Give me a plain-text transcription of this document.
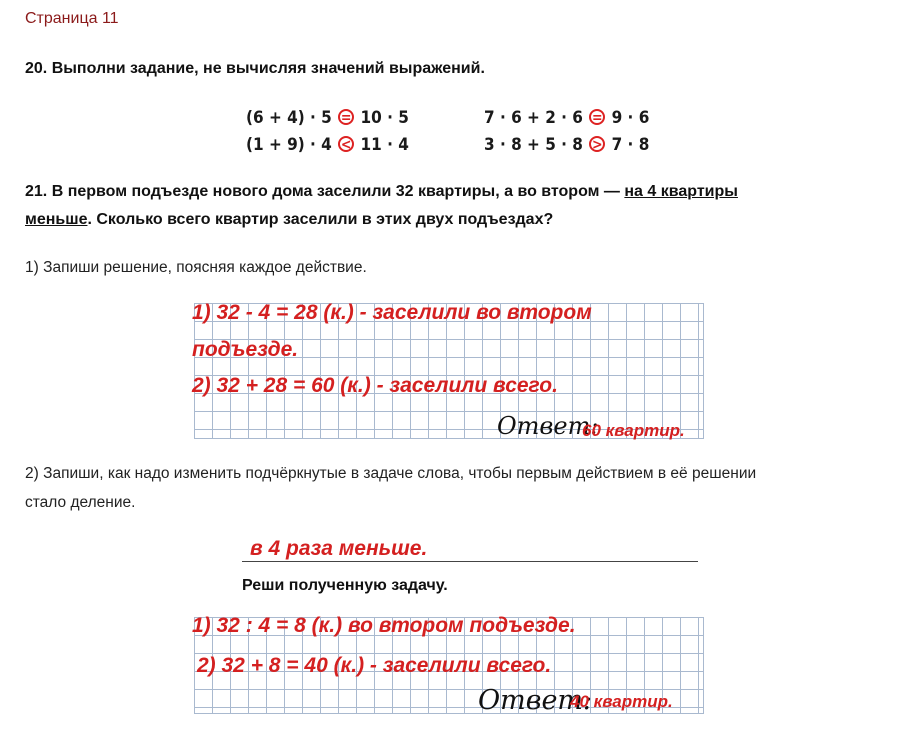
Страница 11
20. Выполни задание, не вычисляя значений выражений.
(6 + 4) · 5 = 10 · 5	7 · 6 + 2 · 6 = 9 · 6
(1 + 9) · 4 < 11 · 4	3 · 8 + 5 · 8 > 7 · 8
21. В первом подъезде нового дома заселили 32 квартиры, а во втором — на 4 квартиры
меньше. Сколько всего квартир заселили в этих двух подъездах?
1) Запиши решение, поясняя каждое действие.
1) 32 - 4 = 28 (к.) - заселили во втором
подъезде.
2) 32 + 28 = 60 (к.) - заселили всего.
Ответ:
60 квартир.
2) Запиши, как надо изменить подчёркнутые в задаче слова, чтобы первым действием в её решении
стало деление.
в 4 раза меньше.
Реши полученную задачу.
1) 32 : 4 = 8 (к.) во втором подъезде.
2) 32 + 8 = 40 (к.) - заселили всего.
Ответ:
40 квартир.
